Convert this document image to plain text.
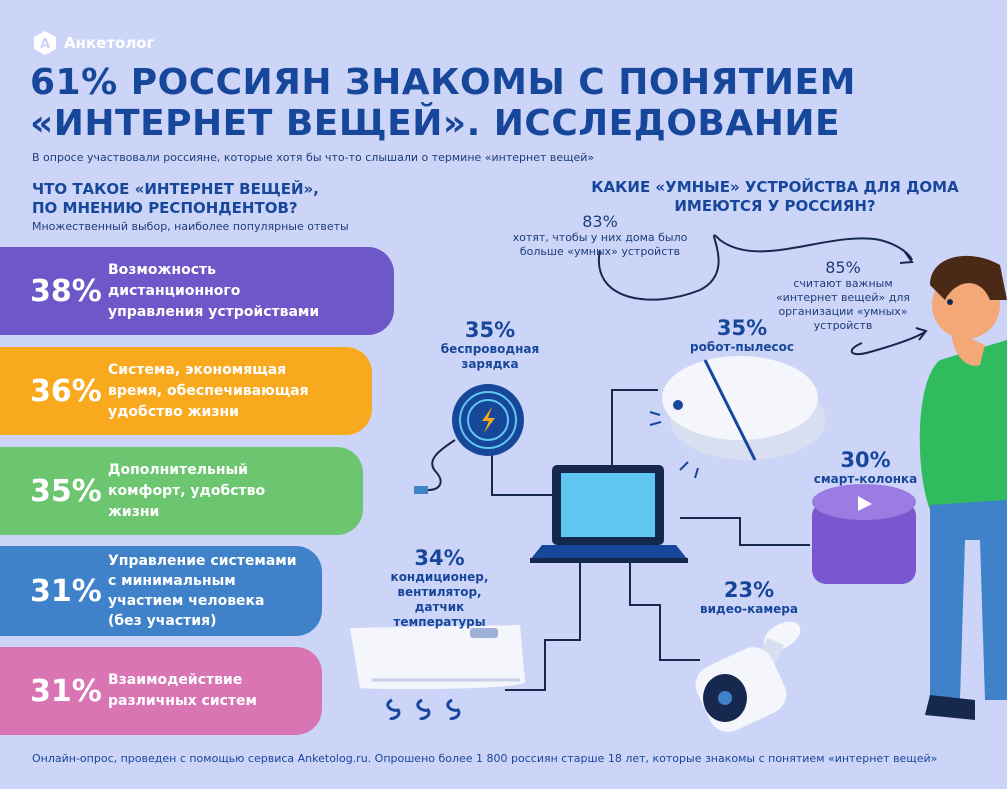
А Анкетолог
61% РОССИЯН ЗНАКОМЫ С ПОНЯТИЕМ
«ИНТЕРНЕТ ВЕЩЕЙ». ИССЛЕДОВАНИЕ
В опросе участвовали россияне, которые хотя бы что-то слышали о термине «интернет вещей»
ЧТО ТАКОЕ «ИНТЕРНЕТ ВЕЩЕЙ»,
ПО МНЕНИЮ РЕСПОНДЕНТОВ?
Множественный выбор, наиболее популярные ответы
38%
Возможность
дистанционного
управления устройствами
36%
Система, экономящая
время, обеспечивающая
удобство жизни
35%
Дополнительный
комфорт, удобство
жизни
31%
Управление системами
с минимальным
участием человека
(без участия)
31% Взаимодействие
различных систем
КАКИЕ «УМНЫЕ» УСТРОЙСТВА ДЛЯ ДОМА
ИМЕЮТСЯ У РОССИЯН?
83%
хотят, чтобы у них дома было
больше «умных» устройств
85%
считают важным
«интернет вещей» для
организации «умных»
устройств
35%
беспроводная
зарядка
35%
робот-пылесос
30%
смарт-колонка
34%
кондиционер,
вентилятор, датчик
температуры
23%
видео-камера
Онлайн-опрос, проведен с помощью сервиса Anketolog.ru. Опрошено более 1 800 россиян старше 18 лет, которые знакомы с понятием «интернет вещей»
